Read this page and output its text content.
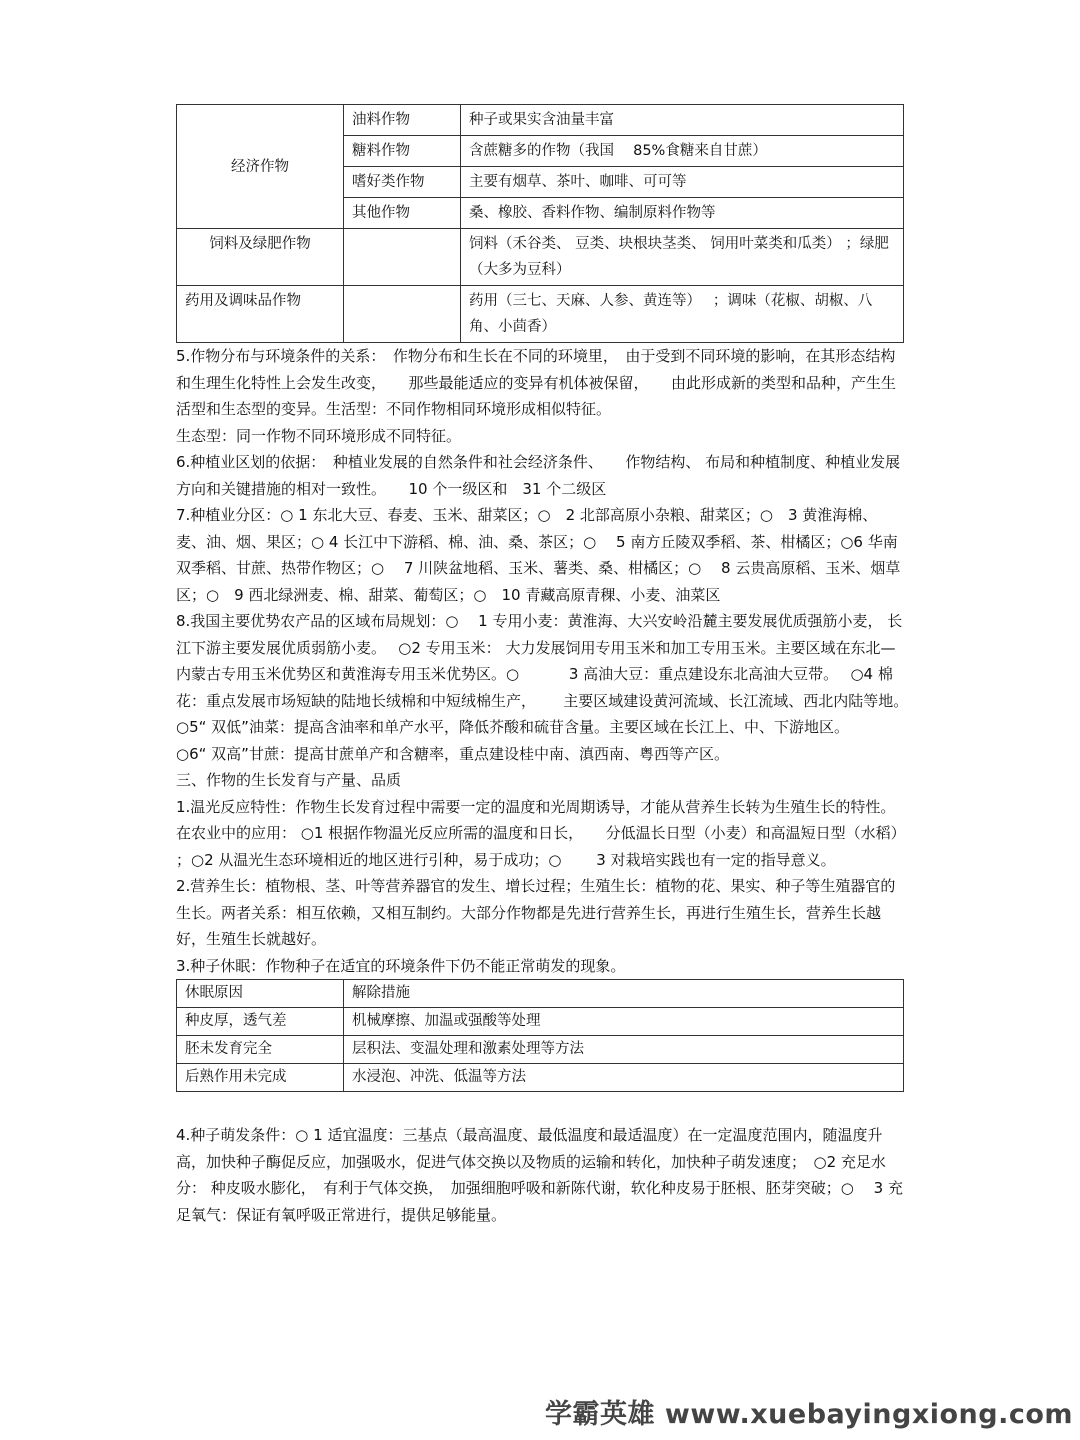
经济作物	油料作物	种子或果实含油量丰富
	糖料作物	含蔗糖多的作物（我国　 85%食糖来自甘蔗）
	嗜好类作物	主要有烟草、茶叶、咖啡、可可等
	其他作物	桑、橡胶、香料作物、编制原料作物等
饲料及绿肥作物		饲料（禾谷类、 豆类、块根块茎类、 饲用叶菜类和瓜类） ；绿肥（大多为豆科）
药用及调味品作物		药用（三七、天麻、人参、黄连等）　 ；调味（花椒、胡椒、八角、小茴香）

5.作物分布与环境条件的关系：　作物分布和生长在不同的环境里，　由于受到不同环境的影响，在其形态结构和生理生化特性上会发生改变，　　那些最能适应的变异有机体被保留，　　由此形成新的类型和品种，产生生活型和生态型的变异。生活型：不同作物相同环境形成相似特征。

生态型：同一作物不同环境形成不同特征。

6.种植业区划的依据：　种植业发展的自然条件和社会经济条件、　　作物结构、 布局和种植制度、种植业发展方向和关键措施的相对一致性。　　10 个一级区和　31 个二级区

7.种植业分区：○ 1 东北大豆、春麦、玉米、甜菜区；○　2 北部高原小杂粮、甜菜区；○　3 黄淮海棉、麦、油、烟、果区；○ 4 长江中下游稻、棉、油、桑、茶区；○　 5 南方丘陵双季稻、茶、柑橘区；○6 华南双季稻、甘蔗、热带作物区；○　 7 川陕盆地稻、玉米、薯类、桑、柑橘区；○　 8 云贵高原稻、玉米、烟草区；○　9 西北绿洲麦、棉、甜菜、葡萄区；○　10 青藏高原青稞、小麦、油菜区

8.我国主要优势农产品的区域布局规划：○　 1 专用小麦：黄淮海、大兴安岭沿麓主要发展优质强筋小麦， 长江下游主要发展优质弱筋小麦。　 ○2 专用玉米： 大力发展饲用专用玉米和加工专用玉米。主要区域在东北—内蒙古专用玉米优势区和黄淮海专用玉米优势区。○　　　 3 高油大豆：重点建设东北高油大豆带。　 ○4 棉花：重点发展市场短缺的陆地长绒棉和中短绒棉生产，　　 主要区域建设黄河流域、长江流域、西北内陆等地。　　○5“ 双低”油菜：提高含油率和单产水平，降低芥酸和硫苷含量。主要区域在长江上、中、下游地区。　　　○6“ 双高”甘蔗：提高甘蔗单产和含糖率，重点建设桂中南、滇西南、粤西等产区。

三、作物的生长发育与产量、品质

1.温光反应特性：作物生长发育过程中需要一定的温度和光周期诱导，才能从营养生长转为生殖生长的特性。　在农业中的应用： ○1 根据作物温光反应所需的温度和日长，　　分低温长日型（小麦）和高温短日型（水稻）　 ；○2 从温光生态环境相近的地区进行引种，易于成功；○　　 3 对栽培实践也有一定的指导意义。

2.营养生长：植物根、茎、叶等营养器官的发生、增长过程；生殖生长：植物的花、果实、种子等生殖器官的生长。两者关系：相互依赖，又相互制约。大部分作物都是先进行营养生长，再进行生殖生长，营养生长越好，生殖生长就越好。

3.种子休眠：作物种子在适宜的环境条件下仍不能正常萌发的现象。

休眠原因	解除措施
种皮厚，透气差	机械摩擦、加温或强酸等处理
胚未发育完全	层积法、变温处理和激素处理等方法
后熟作用未完成	水浸泡、冲洗、低温等方法

4.种子萌发条件：○ 1 适宜温度：三基点（最高温度、最低温度和最适温度）在一定温度范围内，随温度升高，加快种子酶促反应，加强吸水，促进气体交换以及物质的运输和转化，加快种子萌发速度；　○2 充足水分： 种皮吸水膨化，　有利于气体交换，　加强细胞呼吸和新陈代谢，软化种皮易于胚根、胚芽突破；○　 3 充足氧气：保证有氧呼吸正常进行，提供足够能量。

学霸英雄 www.xuebayingxiong.com
